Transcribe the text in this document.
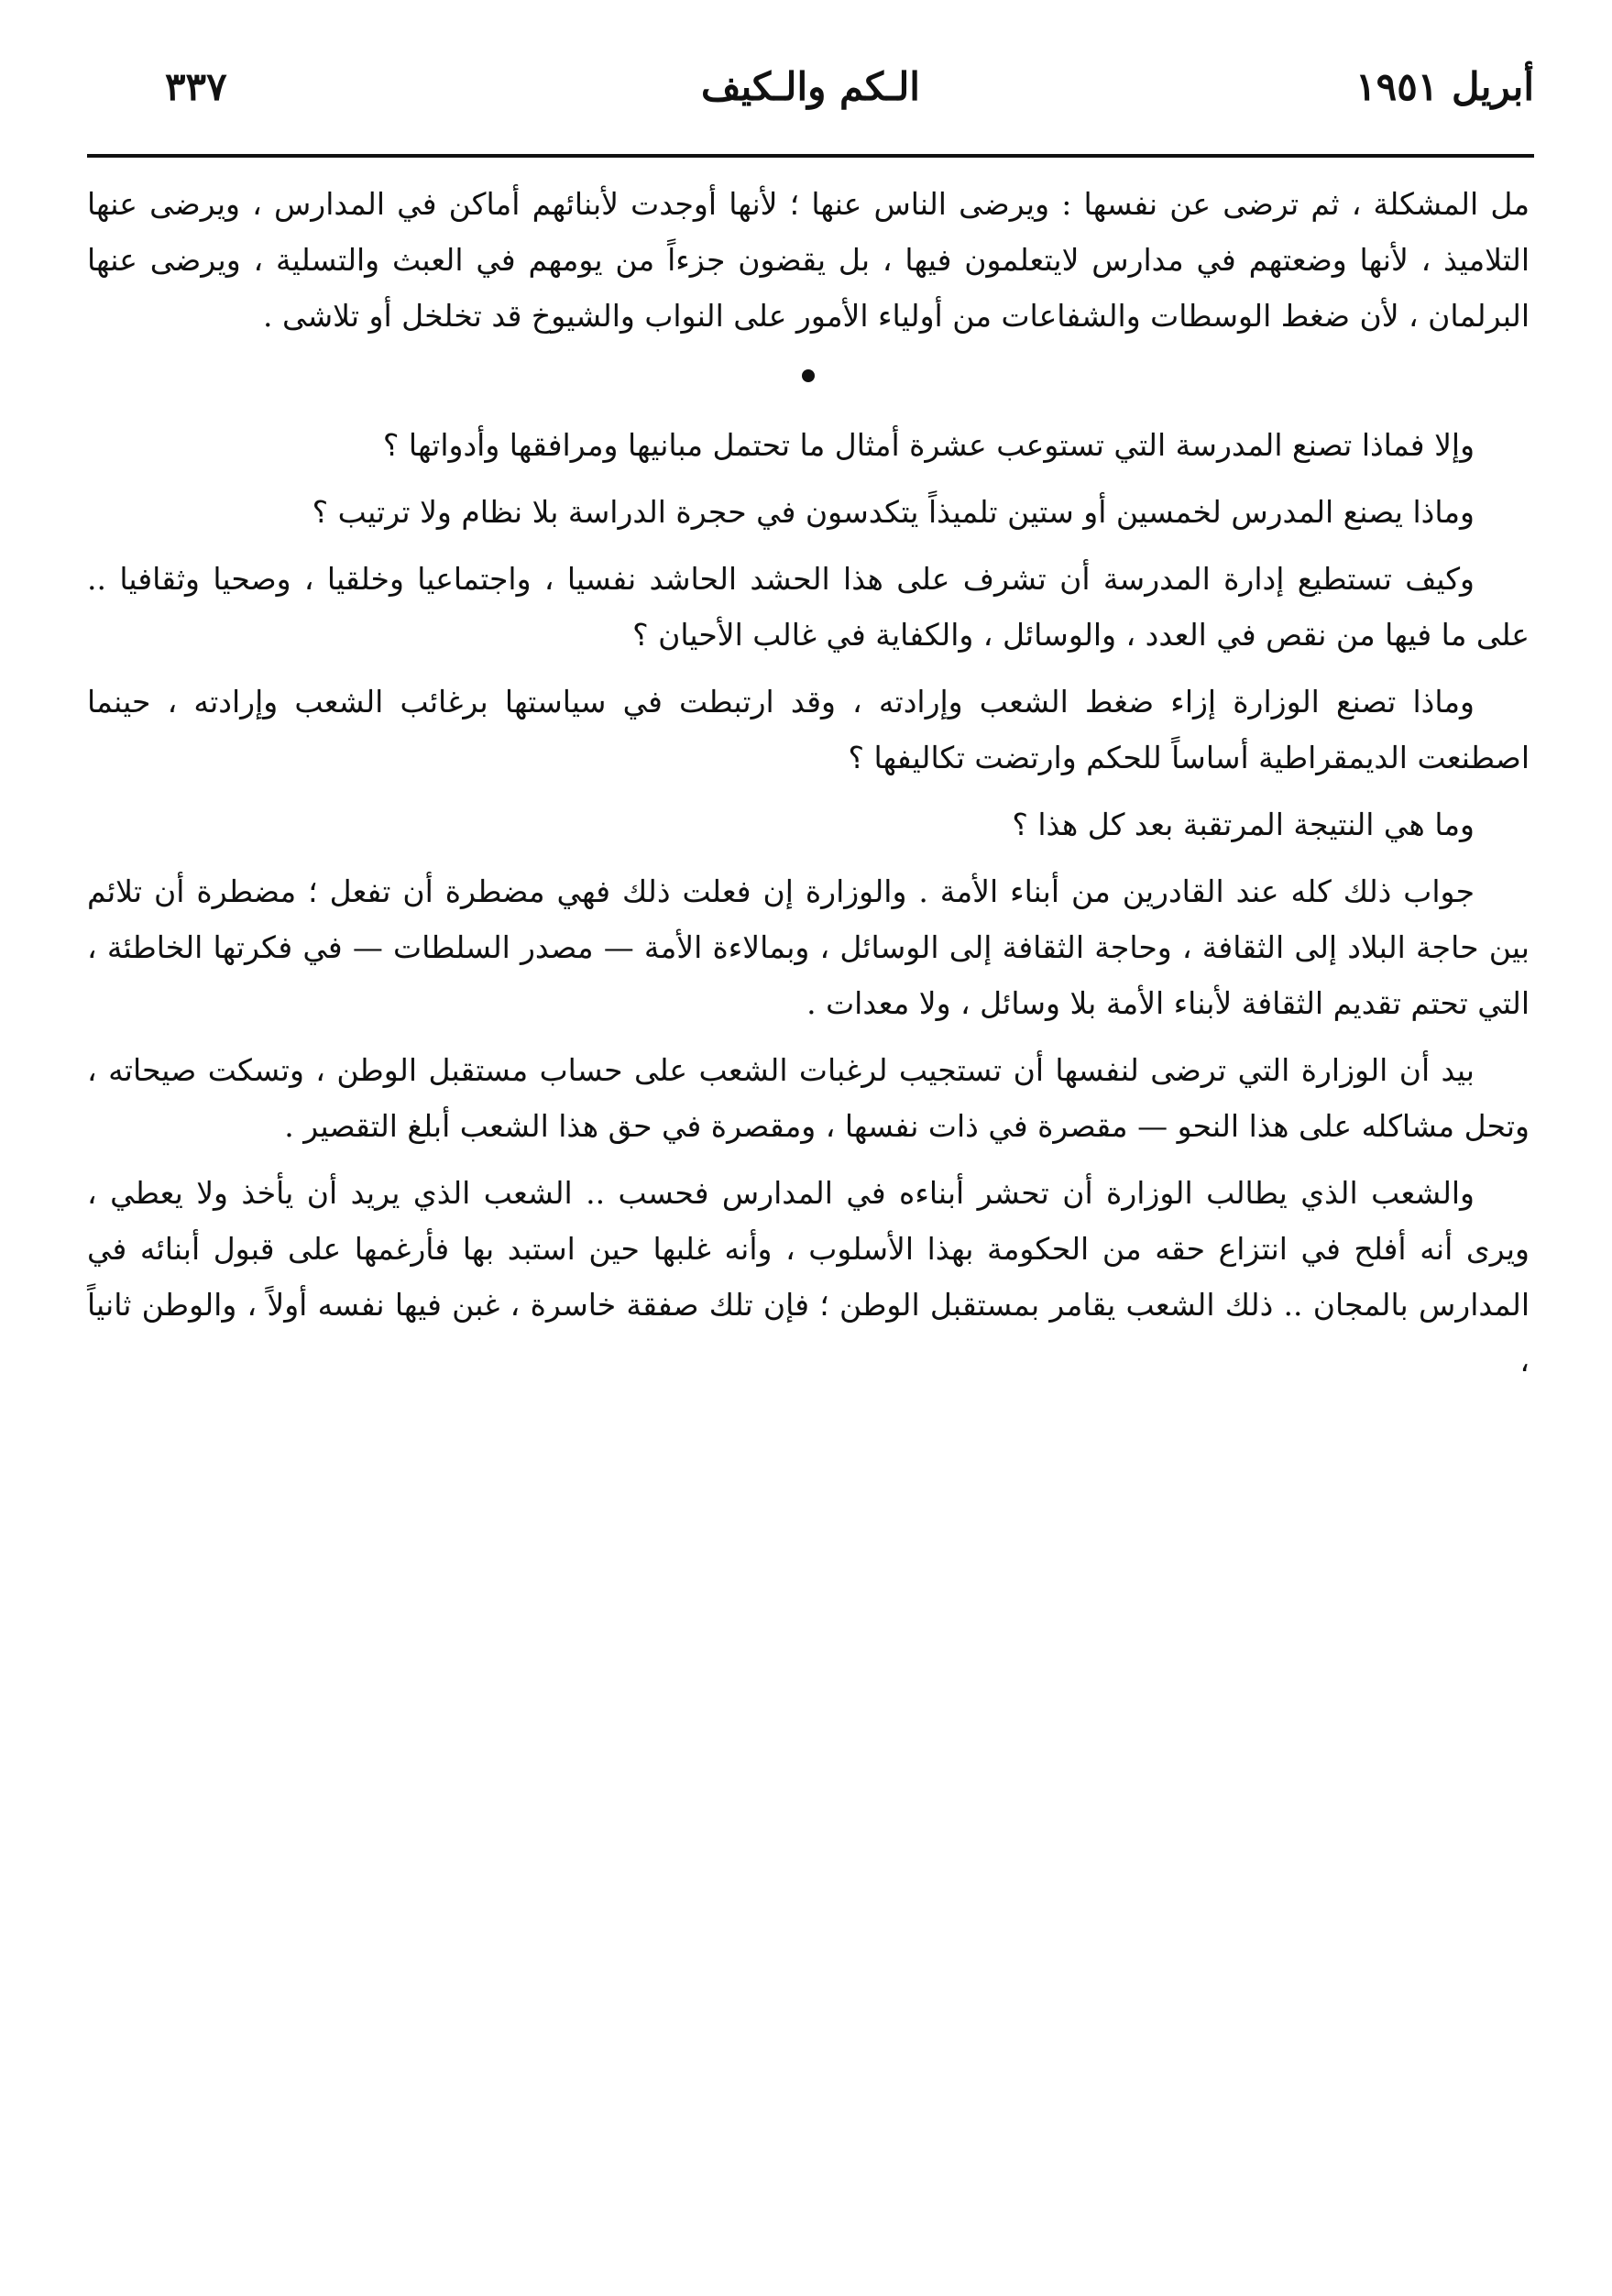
٣٣٧	الـكم والـكيف	أبريل ١٩٥١

مل المشكلة ، ثم ترضى عن نفسها : ويرضى الناس عنها ؛ لأنها أوجدت لأبنائهم أماكن في المدارس ، ويرضى عنها التلاميذ ، لأنها وضعتهم في مدارس لايتعلمون فيها ، بل يقضون جزءاً من يومهم في العبث والتسلية ، ويرضى عنها البرلمان ، لأن ضغط الوسطات والشفاعات من أولياء الأمور على النواب والشيوخ قد تخلخل أو تلاشى .

وإلا فماذا تصنع المدرسة التي تستوعب عشرة أمثال ما تحتمل مبانيها ومرافقها وأدواتها ؟

وماذا يصنع المدرس لخمسين أو ستين تلميذاً يتكدسون في حجرة الدراسة بلا نظام ولا ترتيب ؟

وكيف تستطيع إدارة المدرسة أن تشرف على هذا الحشد الحاشد نفسيا ، واجتماعيا وخلقيا ، وصحيا وثقافيا .. على ما فيها من نقص في العدد ، والوسائل ، والكفاية في غالب الأحيان ؟

وماذا تصنع الوزارة إزاء ضغط الشعب وإرادته ، وقد ارتبطت في سياستها برغائب الشعب وإرادته ، حينما اصطنعت الديمقراطية أساساً للحكم وارتضت تكاليفها ؟

وما هي النتيجة المرتقبة بعد كل هذا ؟

جواب ذلك كله عند القادرين من أبناء الأمة . والوزارة إن فعلت ذلك فهي مضطرة أن تفعل ؛ مضطرة أن تلائم بين حاجة البلاد إلى الثقافة ، وحاجة الثقافة إلى الوسائل ، وبمالاءة الأمة — مصدر السلطات — في فكرتها الخاطئة ، التي تحتم تقديم الثقافة لأبناء الأمة بلا وسائل ، ولا معدات .

بيد أن الوزارة التي ترضى لنفسها أن تستجيب لرغبات الشعب على حساب مستقبل الوطن ، وتسكت صيحاته ، وتحل مشاكله على هذا النحو — مقصرة في ذات نفسها ، ومقصرة في حق هذا الشعب أبلغ التقصير .

والشعب الذي يطالب الوزارة أن تحشر أبناءه في المدارس فحسب .. الشعب الذي يريد أن يأخذ ولا يعطي ، ويرى أنه أفلح في انتزاع حقه من الحكومة بهذا الأسلوب ، وأنه غلبها حين استبد بها فأرغمها على قبول أبنائه في المدارس بالمجان .. ذلك الشعب يقامر بمستقبل الوطن ؛ فإن تلك صفقة خاسرة ، غبن فيها نفسه أولاً ، والوطن ثانياً ،
